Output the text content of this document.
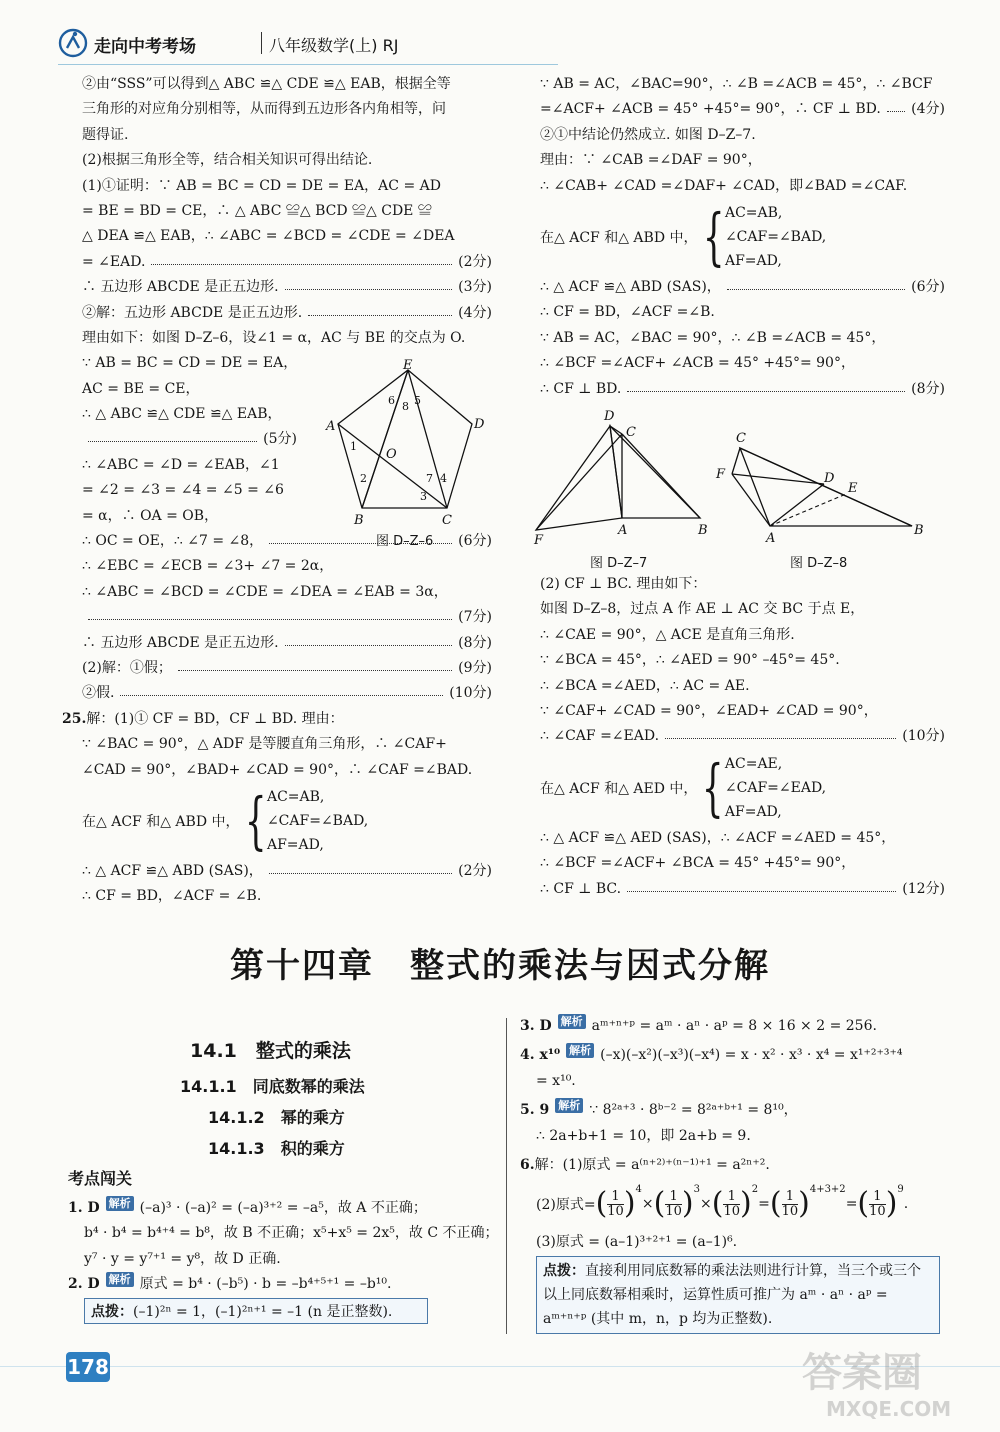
走向中考考场	八年级数学(上) RJ
②由“SSS”可以得到△ ABC ≌△ CDE ≌△ EAB，根据全等
三角形的对应角分别相等，从而得到五边形各内角相等，问
题得证.
(2)根据三角形全等，结合相关知识可得出结论.
(1)①证明：∵ AB = BC = CD = DE = EA，AC = AD
= BE = BD = CE，∴ △ ABC ≌△ BCD ≌△ CDE ≌
△ DEA ≌△ EAB，∴ ∠ABC = ∠BCD = ∠CDE = ∠DEA
= ∠EAD.	(2分)
∴ 五边形 ABCDE 是正五边形.	(3分)
②解：五边形 ABCDE 是正五边形.	(4分)
理由如下：如图 D–Z–6，设∠1 = α，AC 与 BE 的交点为 O.
∵ AB = BC = CD = DE = EA，
AC = BE = CE，
∴ △ ABC ≌△ CDE ≌△ EAB，
(5分)
∴ ∠ABC = ∠D = ∠EAB，∠1
= ∠2 = ∠3 = ∠4 = ∠5 = ∠6
= α，∴ OA = OB，
∴ OC = OE，∴ ∠7 = ∠8，	(6分)
∴ ∠EBC = ∠ECB = ∠3+ ∠7 = 2α，
∴ ∠ABC = ∠BCD = ∠CDE = ∠DEA = ∠EAB = 3α，
(7分)
∴ 五边形 ABCDE 是正五边形.	(8分)
(2)解：①假；	(9分)
②假.	(10分)
25. 解：(1)① CF = BD，CF ⊥ BD. 理由：
∵ ∠BAC = 90°，△ ADF 是等腰直角三角形，∴ ∠CAF+
∠CAD = 90°，∠BAD+ ∠CAD = 90°，∴ ∠CAF =∠BAD.
在△ ACF 和△ ABD 中， { AC=AB,
∠CAF=∠BAD,
AF=AD,
∴ △ ACF ≌△ ABD (SAS)，	(2分)
∴ CF = BD，∠ACF = ∠B.
E
D
A
B	C
O
1
2
3
4
5
6
7
8
图 D–Z–6
∵ AB = AC，∠BAC=90°，∴ ∠B =∠ACB = 45°，∴ ∠BCF
=∠ACF+ ∠ACB = 45° +45°= 90°，∴ CF ⊥ BD. (4分)
②①中结论仍然成立. 如图 D–Z–7.
理由：∵ ∠CAB =∠DAF = 90°，
∴ ∠CAB+ ∠CAD =∠DAF+ ∠CAD，即∠BAD =∠CAF.
在△ ACF 和△ ABD 中， { AC=AB,
∠CAF=∠BAD,
AF=AD,
∴ △ ACF ≌△ ABD (SAS)，	(6分)
∴ CF = BD，∠ACF =∠B.
∵ AB = AC，∠BAC = 90°，∴ ∠B =∠ACB = 45°，
∴ ∠BCF =∠ACF+ ∠ACB = 45° +45°= 90°，
∴ CF ⊥ BD.	(8分)
D
C
F
A	B
图 D–Z–7
C
F	D
E
A
B
图 D–Z–8
(2) CF ⊥ BC. 理由如下：
如图 D–Z–8，过点 A 作 AE ⊥ AC 交 BC 于点 E，
∴ ∠CAE = 90°，△ ACE 是直角三角形.
∵ ∠BCA = 45°，∴ ∠AED = 90° –45°= 45°.
∴ ∠BCA =∠AED，∴ AC = AE.
∵ ∠CAF+ ∠CAD = 90°，∠EAD+ ∠CAD = 90°，
∴ ∠CAF =∠EAD.	(10分)
在△ ACF 和△ AED 中， { AC=AE,
∠CAF=∠EAD,
AF=AD,
∴ △ ACF ≌△ AED (SAS)，∴ ∠ACF =∠AED = 45°，
∴ ∠BCF =∠ACF+ ∠BCA = 45° +45°= 90°，
∴ CF ⊥ BC.	(12分)
第十四章　整式的乘法与因式分解
14.1　整式的乘法
14.1.1　同底数幂的乘法
14.1.2　幂的乘方
14.1.3　积的乘方
考点闯关
1. D 解析 (–a)³ · (–a)² = (–a)³⁺² = –a⁵，故 A 不正确；
b⁴ · b⁴ = b⁴⁺⁴ = b⁸，故 B 不正确；x⁵+x⁵ = 2x⁵，故 C 不正确；
y⁷ · y = y⁷⁺¹ = y⁸，故 D 正确.
2. D 解析 原式 = b⁴ · (–b⁵) · b = –b⁴⁺⁵⁺¹ = –b¹⁰.
点拨：(–1)²ⁿ = 1，(–1)²ⁿ⁺¹ = –1 (n 是正整数).
3. D 解析 aᵐ⁺ⁿ⁺ᵖ = aᵐ · aⁿ · aᵖ = 8 × 16 × 2 = 256.
4. x¹⁰ 解析 (–x)(–x²)(–x³)(–x⁴) = x · x² · x³ · x⁴ = x¹⁺²⁺³⁺⁴
= x¹⁰.
5. 9 解析 ∵ 8²ᵃ⁺³ · 8ᵇ⁻² = 8²ᵃ⁺ᵇ⁺¹ = 8¹⁰，
∴ 2a+b+1 = 10，即 2a+b = 9.
6. 解：(1)原式 = a⁽ⁿ⁺²⁾⁺⁽ⁿ⁻¹⁾⁺¹ = a²ⁿ⁺².
(2)原式= ( $\frac{1}{10} )^4$
× ( $\frac{1}{10} )^3$
× ( $\frac{1}{10} )^2$
= ( $\frac{1}{10} )^{4+3+2}$
= ( $\frac{1}{10} )^9$
.
(3)原式 = (a–1)³⁺²⁺¹ = (a–1)⁶.
点拨：直接利用同底数幂的乘法法则进行计算，当三个或三个以上同底数幂相乘时，运算性质可推广为 aᵐ · aⁿ · aᵖ = aᵐ⁺ⁿ⁺ᵖ (其中 m，n，p 均为正整数).
178	答案圈
MXQE.COM
